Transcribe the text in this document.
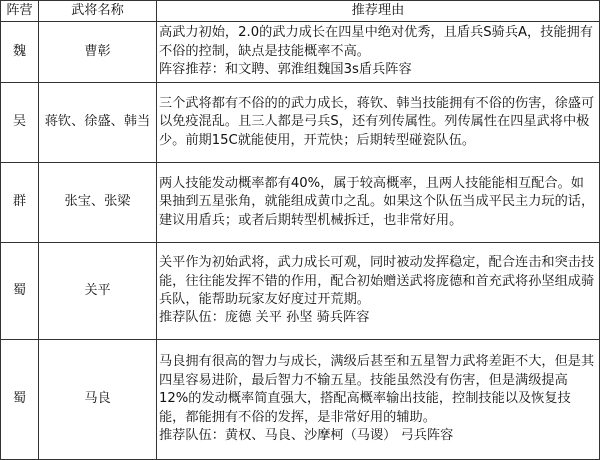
阵营	武将名称	推荐理由
魏	曹彰	高武力初始，2.0的武力成长在四星中绝对优秀，且盾兵S骑兵A，技能拥有不俗的控制，缺点是技能概率不高。

阵容推荐：和文聘、郭淮组魏国3s盾兵阵容

吴	蒋钦、徐盛、韩当	三个武将都有不俗的的武力成长，蒋钦、韩当技能拥有不俗的伤害，徐盛可以免疫混乱。且三人都是弓兵S，还有列传属性。列传属性在四星武将中极少。前期15C就能使用，开荒快；后期转型碰瓷队伍。

群	张宝、张梁	两人技能发动概率都有40%，属于较高概率，且两人技能能相互配合。如果抽到五星张角，就能组成黄巾之乱。如果这个队伍当成平民主力玩的话，建议用盾兵；或者后期转型机械拆迁，也非常好用。

蜀	关平	关平作为初始武将，武力成长可观，同时被动发挥稳定，配合连击和突击技能，往往能发挥不错的作用，配合初始赠送武将庞德和首充武将孙坚组成骑兵队，能帮助玩家友好度过开荒期。

推荐队伍：庞德 关平 孙坚 骑兵阵容

蜀	马良	马良拥有很高的智力与成长，满级后甚至和五星智力武将差距不大，但是其四星容易进阶，最后智力不输五星。技能虽然没有伤害，但是满级提高12%的发动概率简直强大，搭配高概率输出技能，控制技能以及恢复技能，都能拥有不俗的发挥，是非常好用的辅助。

推荐队伍：黄权、马良、沙摩柯（马谡） 弓兵阵容
